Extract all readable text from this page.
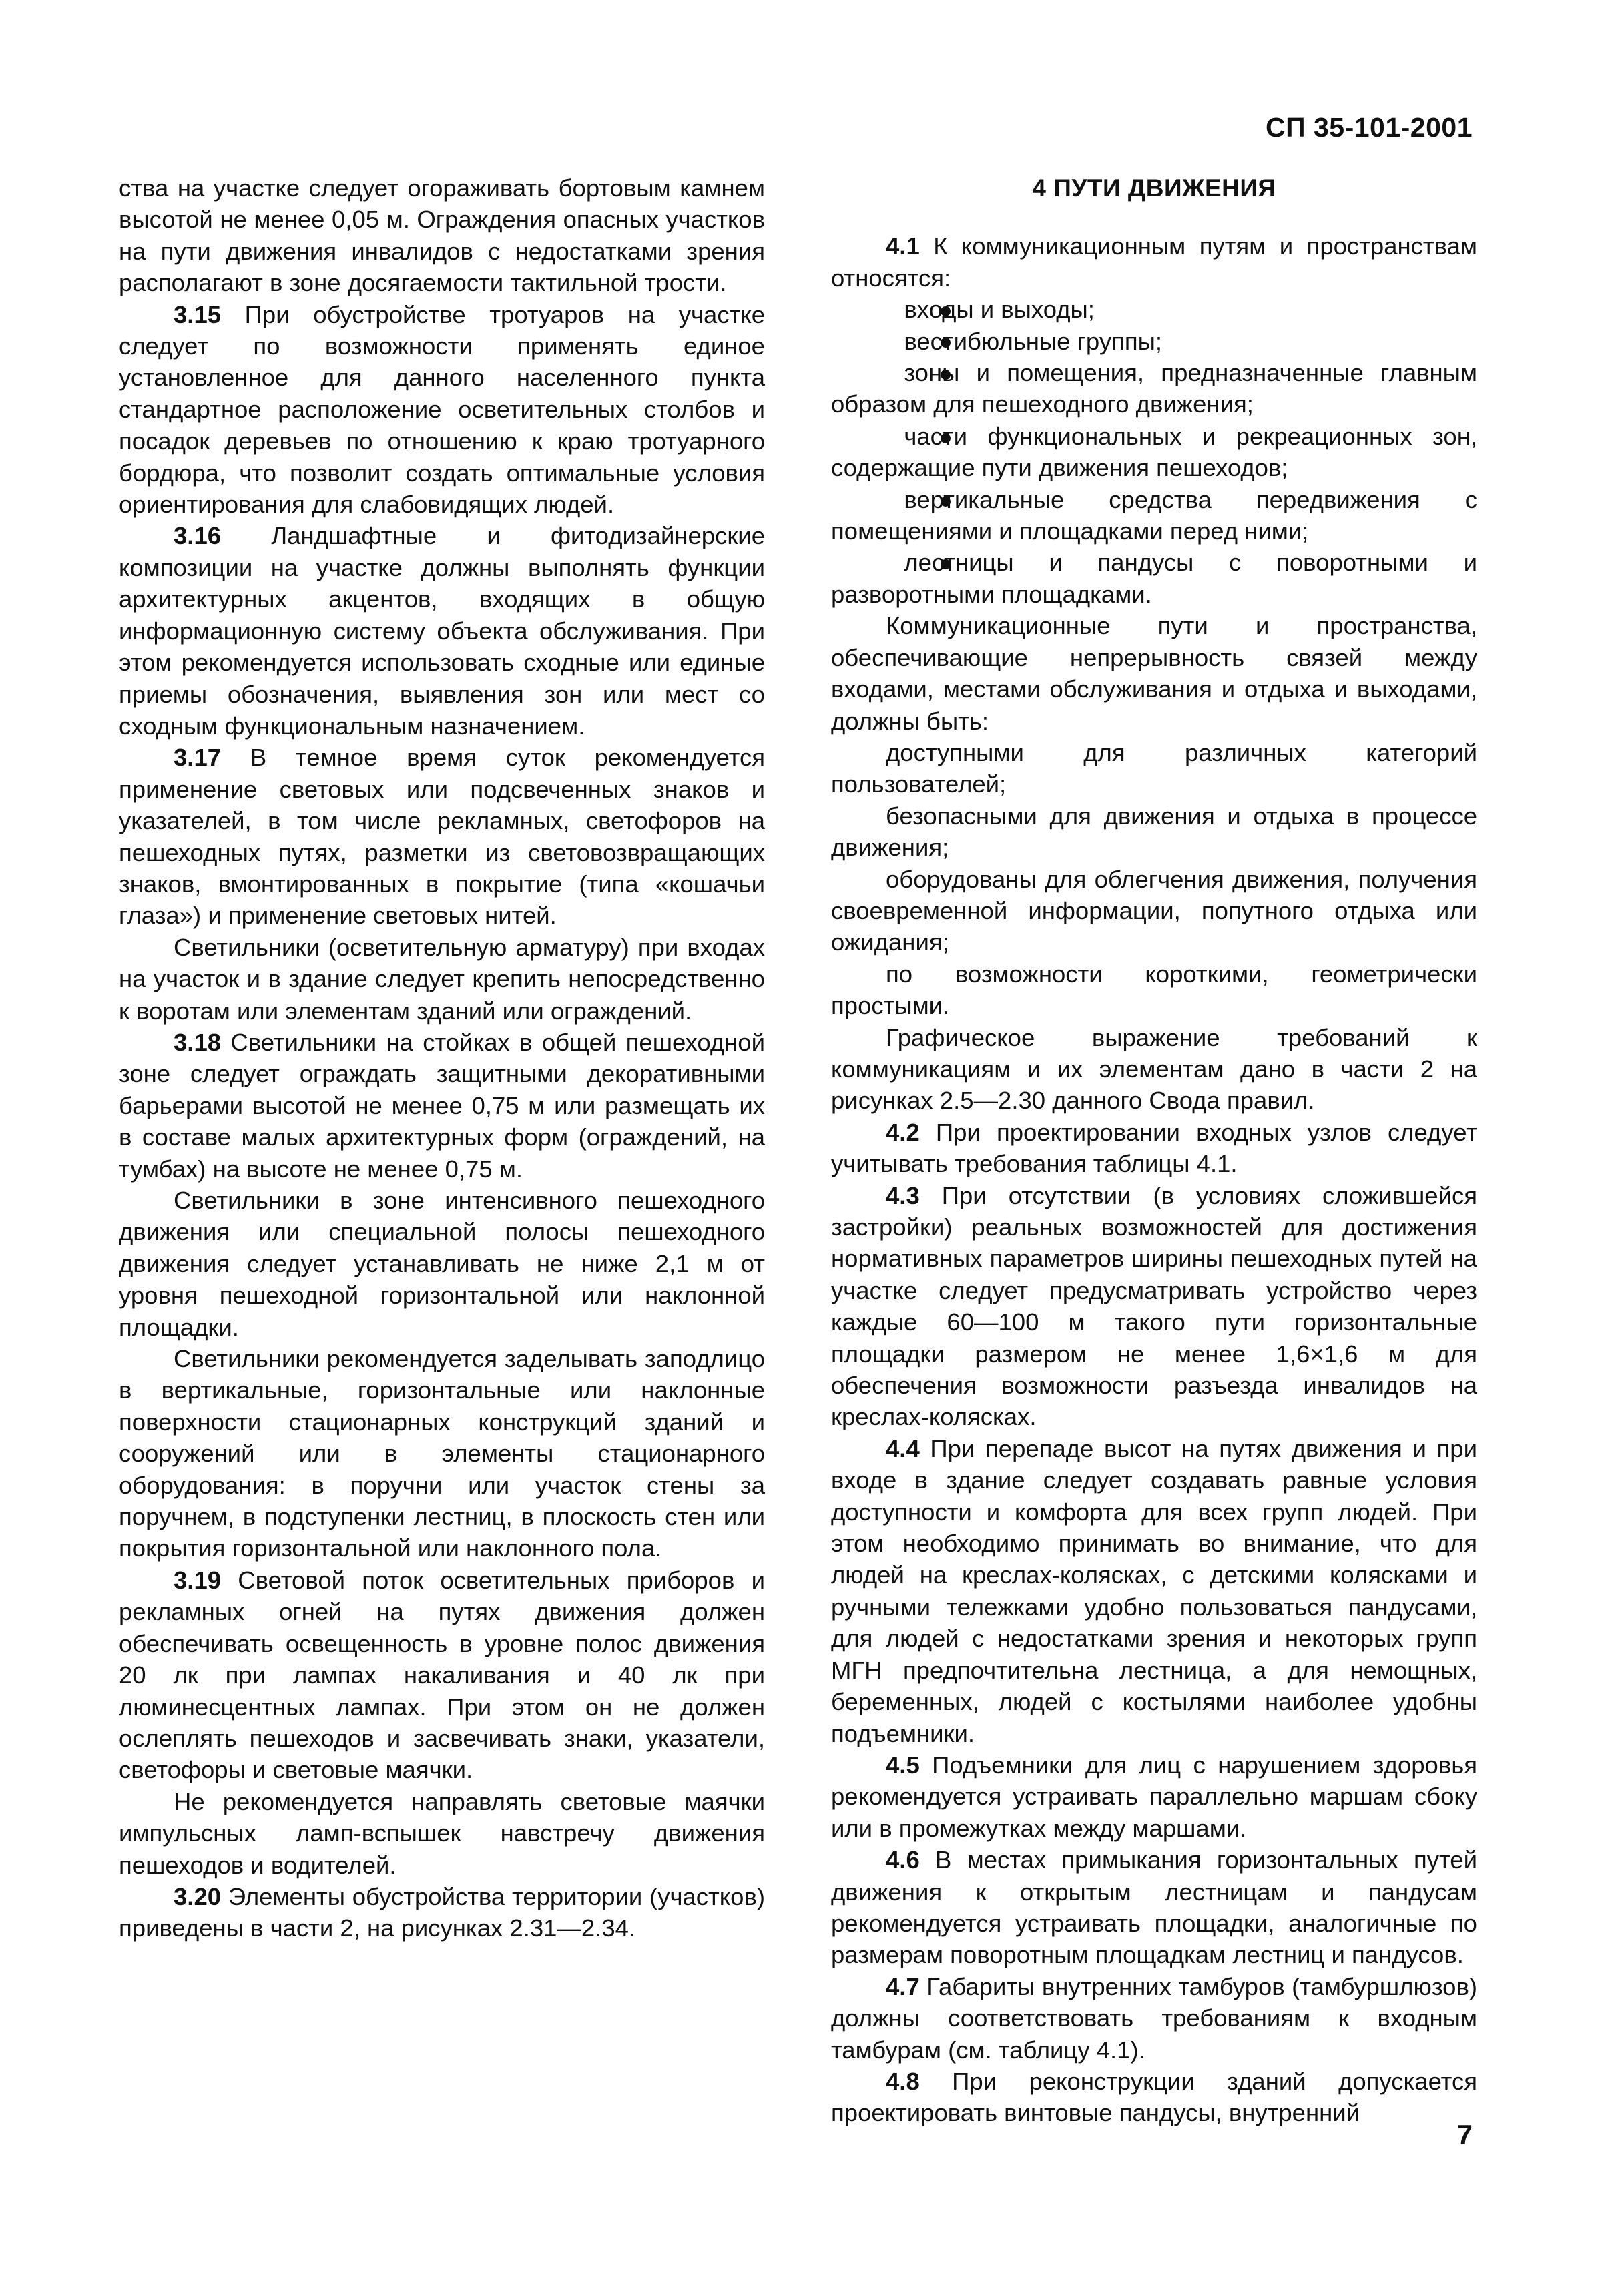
СП 35-101-2001

ства на участке следует огораживать бортовым камнем высотой не менее 0,05 м. Ограждения опасных участков на пути движения инвалидов с недостатками зрения располагают в зоне досягаемости тактильной трости.

3.15 При обустройстве тротуаров на участке следует по возможности применять единое установленное для данного населенного пункта стандартное расположение осветительных столбов и посадок деревьев по отношению к краю тротуарного бордюра, что позволит создать оптимальные условия ориентирования для слабовидящих людей.

3.16 Ландшафтные и фитодизайнерские композиции на участке должны выполнять функции архитектурных акцентов, входящих в общую информационную систему объекта обслуживания. При этом рекомендуется использовать сходные или единые приемы обозначения, выявления зон или мест со сходным функциональным назначением.

3.17 В темное время суток рекомендуется применение световых или подсвеченных знаков и указателей, в том числе рекламных, светофоров на пешеходных путях, разметки из световозвращающих знаков, вмонтированных в покрытие (типа «кошачьи глаза») и применение световых нитей.

Светильники (осветительную арматуру) при входах на участок и в здание следует крепить непосредственно к воротам или элементам зданий или ограждений.

3.18 Светильники на стойках в общей пешеходной зоне следует ограждать защитными декоративными барьерами высотой не менее 0,75 м или размещать их в составе малых архитектурных форм (ограждений, на тумбах) на высоте не менее 0,75 м.

Светильники в зоне интенсивного пешеходного движения или специальной полосы пешеходного движения следует устанавливать не ниже 2,1 м от уровня пешеходной горизонтальной или наклонной площадки.

Светильники рекомендуется заделывать заподлицо в вертикальные, горизонтальные или наклонные поверхности стационарных конструкций зданий и сооружений или в элементы стационарного оборудования: в поручни или участок стены за поручнем, в подступенки лестниц, в плоскость стен или покрытия горизонтальной или наклонного пола.

3.19 Световой поток осветительных приборов и рекламных огней на путях движения должен обеспечивать освещенность в уровне полос движения 20 лк при лампах накаливания и 40 лк при люминесцентных лампах. При этом он не должен ослеплять пешеходов и засвечивать знаки, указатели, светофоры и световые маячки.

Не рекомендуется направлять световые маячки импульсных ламп-вспышек навстречу движения пешеходов и водителей.

3.20 Элементы обустройства территории (участков) приведены в части 2, на рисунках 2.31—2.34.

4 ПУТИ ДВИЖЕНИЯ

4.1 К коммуникационным путям и пространствам относятся:

входы и выходы;

вестибюльные группы;

зоны и помещения, предназначенные главным образом для пешеходного движения;

части функциональных и рекреационных зон, содержащие пути движения пешеходов;

вертикальные средства передвижения с помещениями и площадками перед ними;

лестницы и пандусы с поворотными и разворотными площадками.

Коммуникационные пути и пространства, обеспечивающие непрерывность связей между входами, местами обслуживания и отдыха и выходами, должны быть:

доступными для различных категорий пользователей;

безопасными для движения и отдыха в процессе движения;

оборудованы для облегчения движения, получения своевременной информации, попутного отдыха или ожидания;

по возможности короткими, геометрически простыми.

Графическое выражение требований к коммуникациям и их элементам дано в части 2 на рисунках 2.5—2.30 данного Свода правил.

4.2 При проектировании входных узлов следует учитывать требования таблицы 4.1.

4.3 При отсутствии (в условиях сложившейся застройки) реальных возможностей для достижения нормативных параметров ширины пешеходных путей на участке следует предусматривать устройство через каждые 60—100 м такого пути горизонтальные площадки размером не менее 1,6×1,6 м для обеспечения возможности разъезда инвалидов на креслах-колясках.

4.4 При перепаде высот на путях движения и при входе в здание следует создавать равные условия доступности и комфорта для всех групп людей. При этом необходимо принимать во внимание, что для людей на креслах-колясках, с детскими колясками и ручными тележками удобно пользоваться пандусами, для людей с недостатками зрения и некоторых групп МГН предпочтительна лестница, а для немощных, беременных, людей с костылями наиболее удобны подъемники.

4.5 Подъемники для лиц с нарушением здоровья рекомендуется устраивать параллельно маршам сбоку или в промежутках между маршами.

4.6 В местах примыкания горизонтальных путей движения к открытым лестницам и пандусам рекомендуется устраивать площадки, аналогичные по размерам поворотным площадкам лестниц и пандусов.

4.7 Габариты внутренних тамбуров (тамбуршлюзов) должны соответствовать требованиям к входным тамбурам (см. таблицу 4.1).

4.8 При реконструкции зданий допускается проектировать винтовые пандусы, внутренний

7
